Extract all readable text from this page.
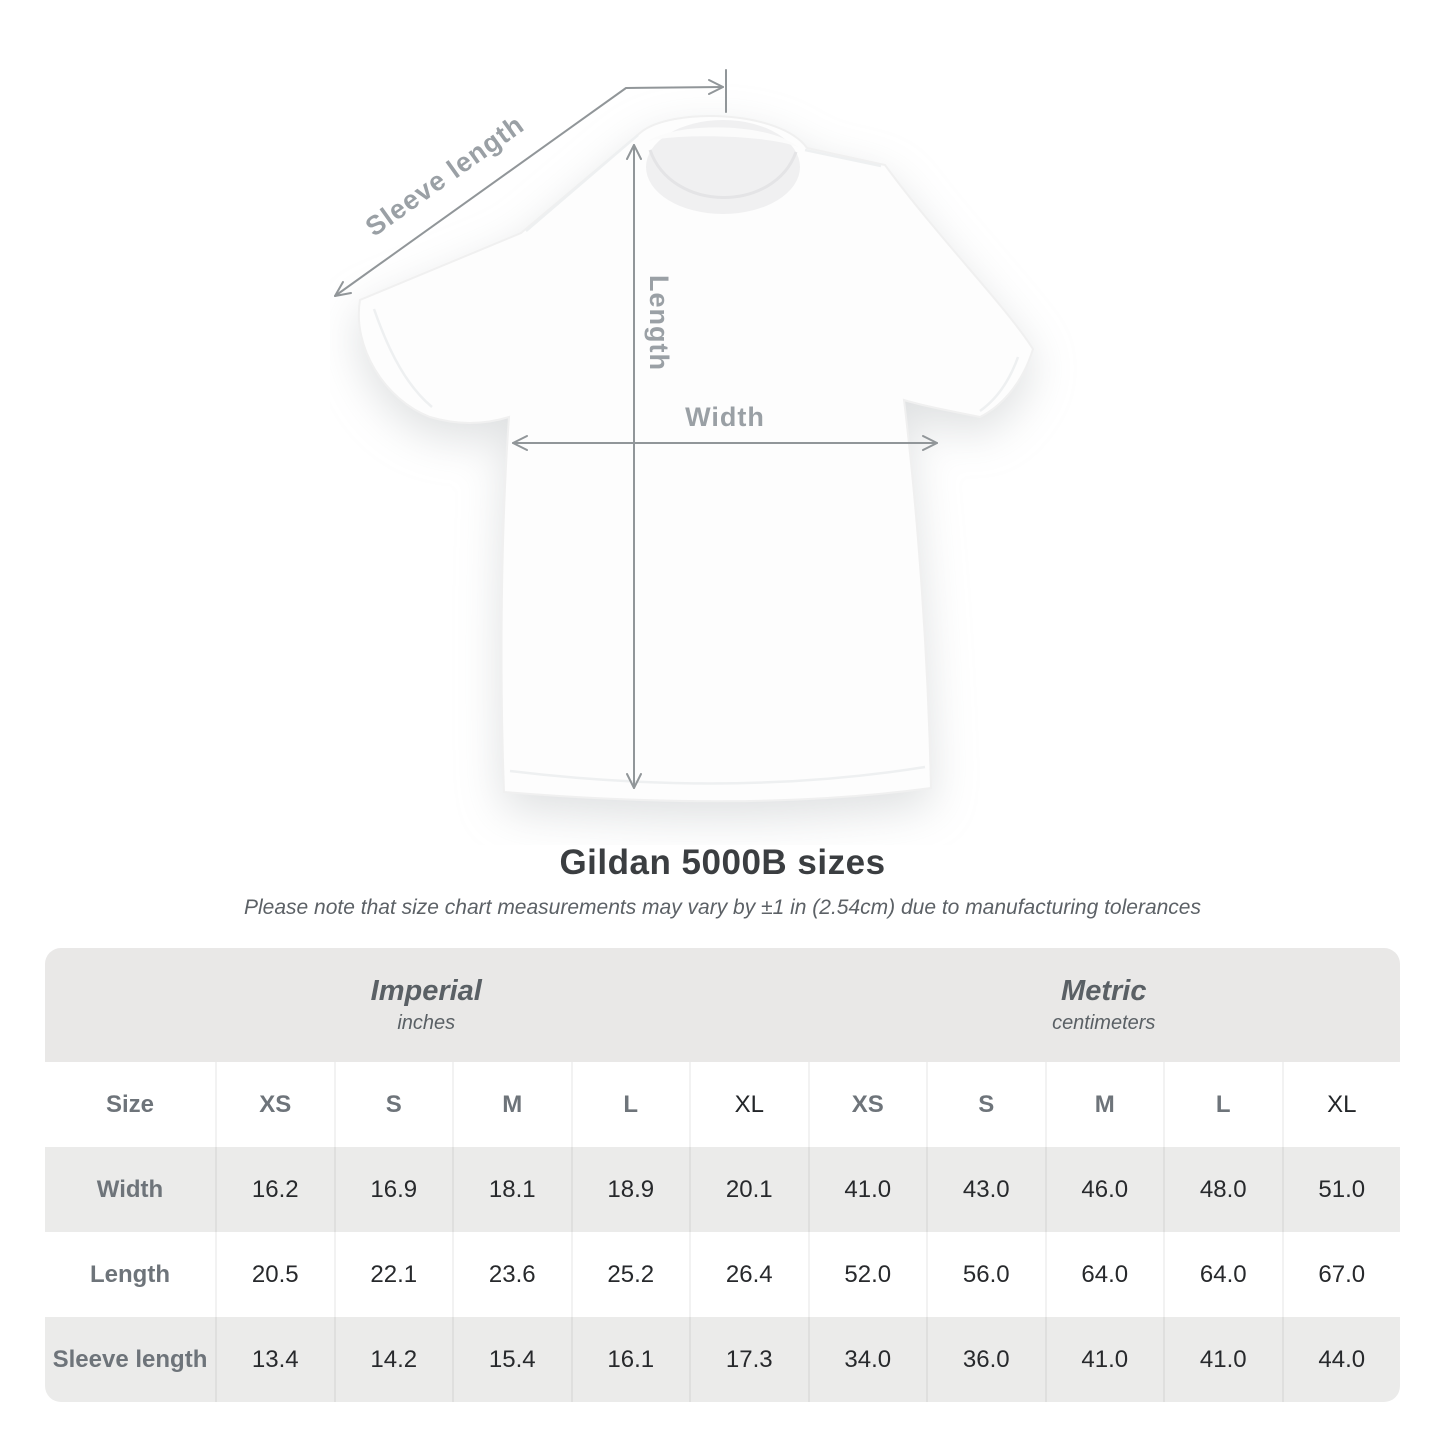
Width
Length
Sleeve length
Gildan 5000B sizes
Please note that size chart measurements may vary by ±1 in (2.54cm) due to manufacturing tolerances
Imperial
inches
Metric
centimeters
Size	XS	S	M	L	XL	XS	S	M	L	XL
Width	16.2	16.9	18.1	18.9	20.1	41.0	43.0	46.0	48.0	51.0
Length	20.5	22.1	23.6	25.2	26.4	52.0	56.0	64.0	64.0	67.0
Sleeve length	13.4	14.2	15.4	16.1	17.3	34.0	36.0	41.0	41.0	44.0
